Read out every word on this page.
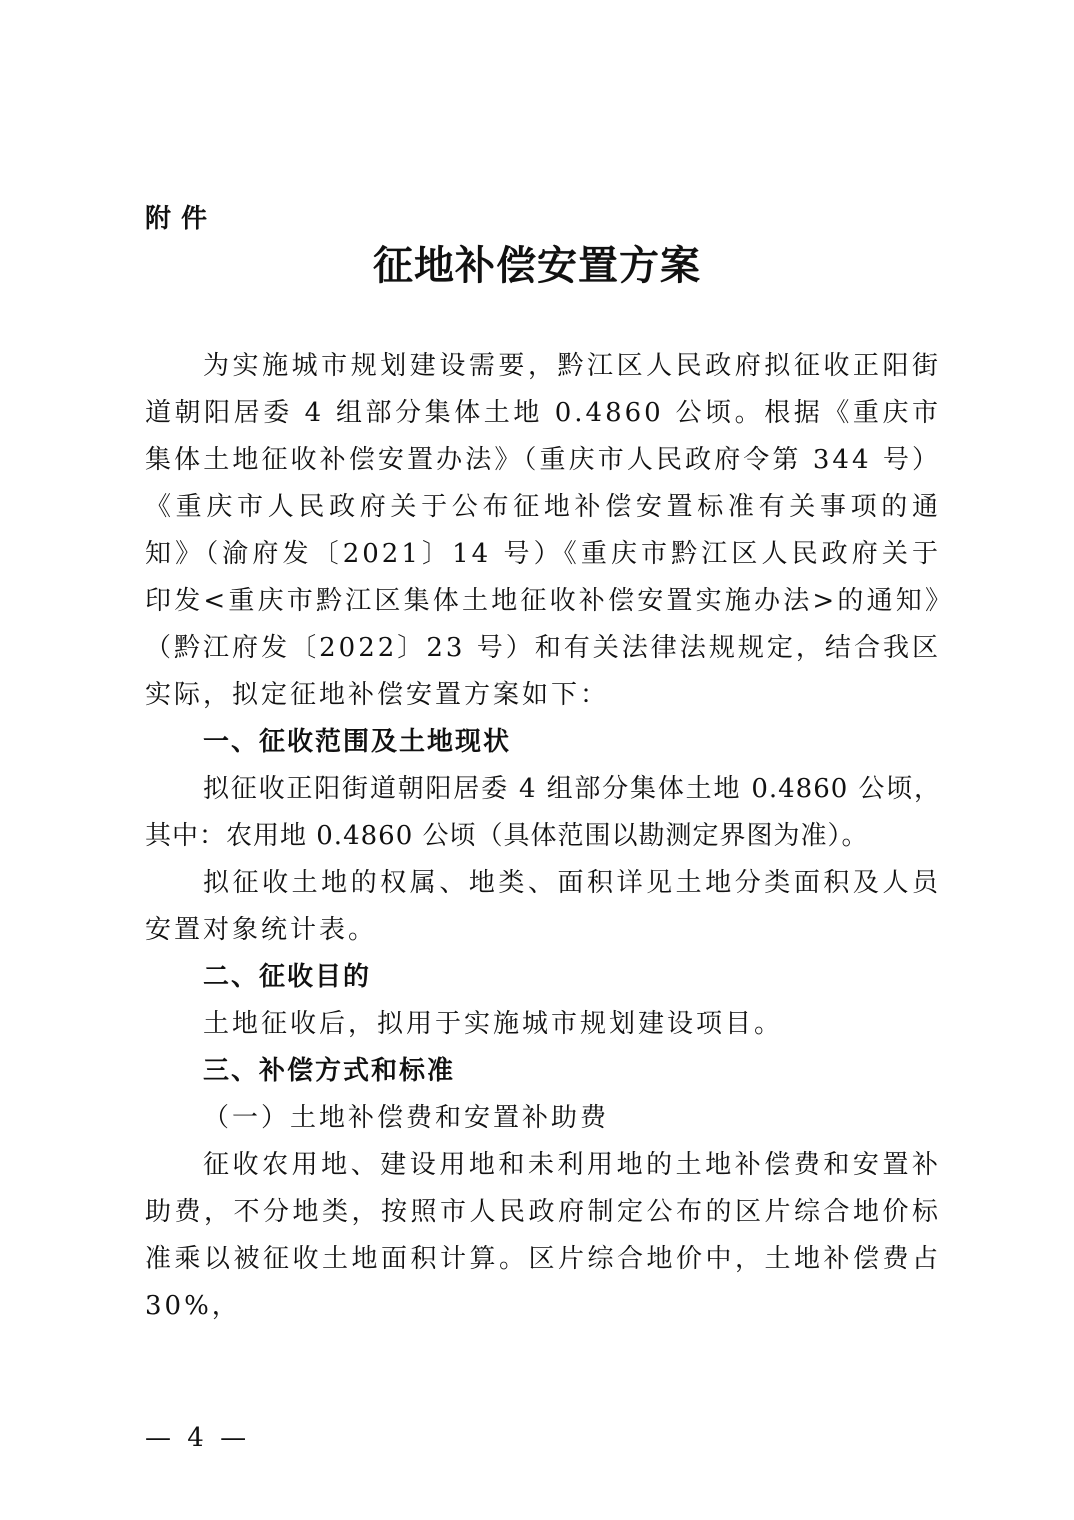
附件
征地补偿安置方案

为实施城市规划建设需要，黔江区人民政府拟征收正阳街道朝阳居委 4 组部分集体土地 0.4860 公顷。根据《重庆市集体土地征收补偿安置办法》（重庆市人民政府令第 344 号）《重庆市人民政府关于公布征地补偿安置标准有关事项的通知》（渝府发〔2021〕14 号）《重庆市黔江区人民政府关于印发<重庆市黔江区集体土地征收补偿安置实施办法>的通知》（黔江府发〔2022〕23 号）和有关法律法规规定，结合我区实际，拟定征地补偿安置方案如下：

一、征收范围及土地现状

拟征收正阳街道朝阳居委 4 组部分集体土地 0.4860 公顷，其中：农用地 0.4860 公顷（具体范围以勘测定界图为准）。

拟征收土地的权属、地类、面积详见土地分类面积及人员安置对象统计表。

二、征收目的

土地征收后，拟用于实施城市规划建设项目。

三、补偿方式和标准

（一）土地补偿费和安置补助费

征收农用地、建设用地和未利用地的土地补偿费和安置补助费，不分地类，按照市人民政府制定公布的区片综合地价标准乘以被征收土地面积计算。区片综合地价中，土地补偿费占 30%，

— 4 —
